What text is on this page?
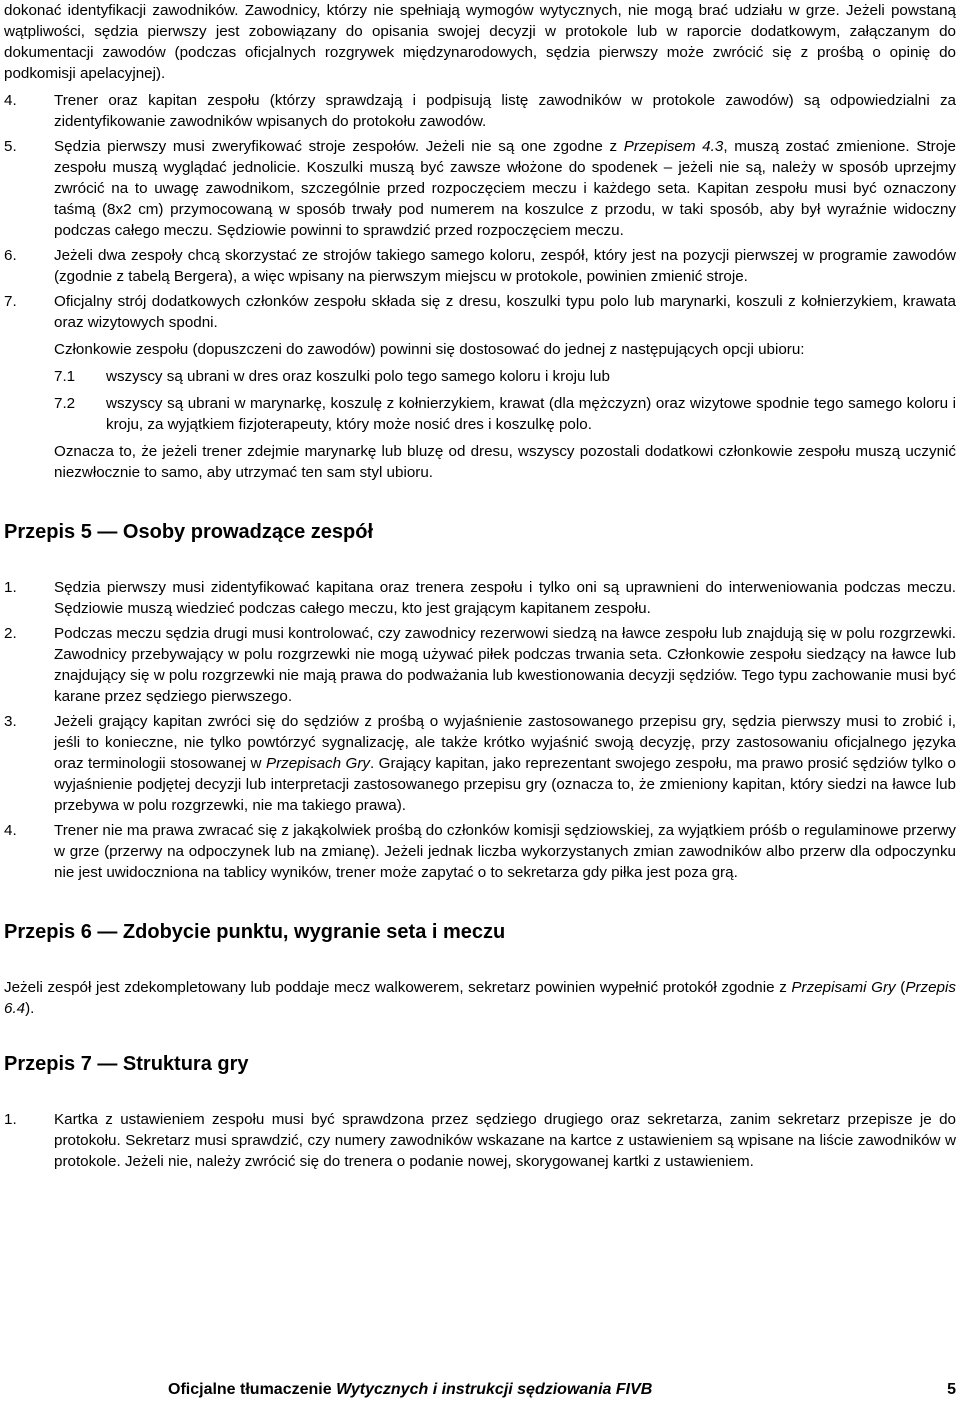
dokonać identyfikacji zawodników. Zawodnicy, którzy nie spełniają wymogów wytycznych, nie mogą brać udziału w grze. Jeżeli powstaną wątpliwości, sędzia pierwszy jest zobowiązany do opisania swojej decyzji w protokole lub w raporcie dodatkowym, załączanym do dokumentacji zawodów (podczas oficjalnych rozgrywek międzynarodowych, sędzia pierwszy może zwrócić się z prośbą o opinię do podkomisji apelacyjnej).

4.	Trener oraz kapitan zespołu (którzy sprawdzają i podpisują listę zawodników w protokole zawodów) są odpowiedzialni za zidentyfikowanie zawodników wpisanych do protokołu zawodów.
5.	Sędzia pierwszy musi zweryfikować stroje zespołów. Jeżeli nie są one zgodne z Przepisem 4.3, muszą zostać zmienione. Stroje zespołu muszą wyglądać jednolicie. Koszulki muszą być zawsze włożone do spodenek – jeżeli nie są, należy w sposób uprzejmy zwrócić na to uwagę zawodnikom, szczególnie przed rozpoczęciem meczu i każdego seta. Kapitan zespołu musi być oznaczony taśmą (8x2 cm) przymocowaną w sposób trwały pod numerem na koszulce z przodu, w taki sposób, aby był wyraźnie widoczny podczas całego meczu. Sędziowie powinni to sprawdzić przed rozpoczęciem meczu.
6.	Jeżeli dwa zespoły chcą skorzystać ze strojów takiego samego koloru, zespół, który jest na pozycji pierwszej w programie zawodów (zgodnie z tabelą Bergera), a więc wpisany na pierwszym miejscu w protokole, powinien zmienić stroje.
7.	Oficjalny strój dodatkowych członków zespołu składa się z dresu, koszulki typu polo lub marynarki, koszuli z kołnierzykiem, krawata oraz wizytowych spodni.

Członkowie zespołu (dopuszczeni do zawodów) powinni się dostosować do jednej z następujących opcji ubioru:

7.1	wszyscy są ubrani w dres oraz koszulki polo tego samego koloru i kroju lub
7.2	wszyscy są ubrani w marynarkę, koszulę z kołnierzykiem, krawat (dla mężczyzn) oraz wizytowe spodnie tego samego koloru i kroju, za wyjątkiem fizjoterapeuty, który może nosić dres i koszulkę polo.

Oznacza to, że jeżeli trener zdejmie marynarkę lub bluzę od dresu, wszyscy pozostali dodatkowi członkowie zespołu muszą uczynić niezwłocznie to samo, aby utrzymać ten sam styl ubioru.

Przepis 5 — Osoby prowadzące zespół
1.	Sędzia pierwszy musi zidentyfikować kapitana oraz trenera zespołu i tylko oni są uprawnieni do interweniowania podczas meczu. Sędziowie muszą wiedzieć podczas całego meczu, kto jest grającym kapitanem zespołu.
2.	Podczas meczu sędzia drugi musi kontrolować, czy zawodnicy rezerwowi siedzą na ławce zespołu lub znajdują się w polu rozgrzewki. Zawodnicy przebywający w polu rozgrzewki nie mogą używać piłek podczas trwania seta. Członkowie zespołu siedzący na ławce lub znajdujący się w polu rozgrzewki nie mają prawa do podważania lub kwestionowania decyzji sędziów. Tego typu zachowanie musi być karane przez sędziego pierwszego.
3.	Jeżeli grający kapitan zwróci się do sędziów z prośbą o wyjaśnienie zastosowanego przepisu gry, sędzia pierwszy musi to zrobić i, jeśli to konieczne, nie tylko powtórzyć sygnalizację, ale także krótko wyjaśnić swoją decyzję, przy zastosowaniu oficjalnego języka oraz terminologii stosowanej w Przepisach Gry. Grający kapitan, jako reprezentant swojego zespołu, ma prawo prosić sędziów tylko o wyjaśnienie podjętej decyzji lub interpretacji zastosowanego przepisu gry (oznacza to, że zmieniony kapitan, który siedzi na ławce lub przebywa w polu rozgrzewki, nie ma takiego prawa).
4.	Trener nie ma prawa zwracać się z jakąkolwiek prośbą do członków komisji sędziowskiej, za wyjątkiem próśb o regulaminowe przerwy w grze (przerwy na odpoczynek lub na zmianę). Jeżeli jednak liczba wykorzystanych zmian zawodników albo przerw dla odpoczynku nie jest uwidoczniona na tablicy wyników, trener może zapytać o to sekretarza gdy piłka jest poza grą.
Przepis 6 — Zdobycie punktu, wygranie seta i meczu

Jeżeli zespół jest zdekompletowany lub poddaje mecz walkowerem, sekretarz powinien wypełnić protokół zgodnie z Przepisami Gry (Przepis 6.4).

Przepis 7 — Struktura gry
1.	Kartka z ustawieniem zespołu musi być sprawdzona przez sędziego drugiego oraz sekretarza, zanim sekretarz przepisze je do protokołu. Sekretarz musi sprawdzić, czy numery zawodników wskazane na kartce z ustawieniem są wpisane na liście zawodników w protokole. Jeżeli nie, należy zwrócić się do trenera o podanie nowej, skorygowanej kartki z ustawieniem.
Oficjalne tłumaczenie Wytycznych i instrukcji sędziowania FIVB	5
